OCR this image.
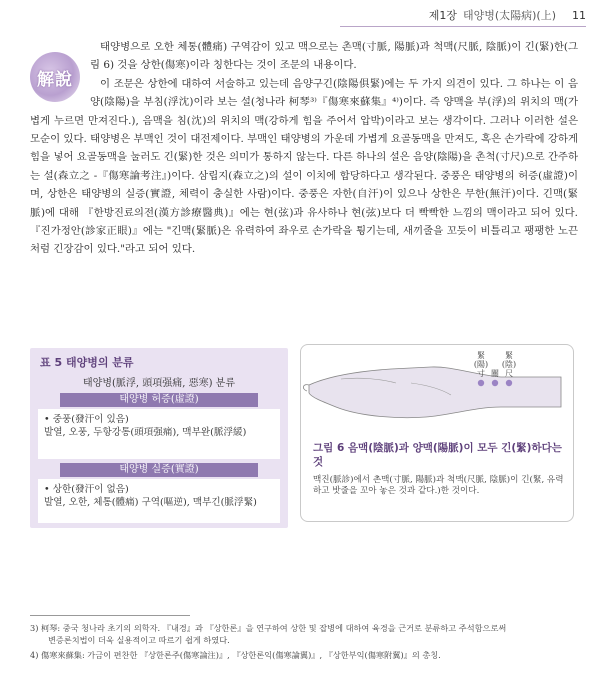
제1장 태양병(太陽病)(上) 11
解說

태양병으로 오한 체통(體痛) 구역감이 있고 맥으로는 촌맥(寸脈, 陽脈)과 척맥(尺脈, 陰脈)이 긴(緊)한(그림 6) 것을 상한(傷寒)이라 칭한다는 것이 조문의 내용이다.

이 조문은 상한에 대하여 서술하고 있는데 음양구긴(陰陽俱緊)에는 두 가지 의견이 있다. 그 하나는 이 음양(陰陽)을 부침(浮沈)이라 보는 설(청나라 柯琴³⁾『傷寒來蘇集』⁴⁾)이다. 즉 양맥을 부(浮)의 위치의 맥(가볍게 누르면 만져진다.), 음맥을 침(沈)의 위치의 맥(강하게 힘을 주어서 압박)이라고 보는 생각이다. 그러나 이러한 설은 모순이 있다. 태양병은 부맥인 것이 대전제이다. 부맥인 태양병의 가운데 가볍게 요골동맥을 만져도, 혹은 손가락에 강하게 힘을 넣어 요골동맥을 눌러도 긴(緊)한 것은 의미가 통하지 않는다. 다른 하나의 설은 음양(陰陽)을 촌척(寸尺)으로 간주하는 설(森立之 -『傷寒論考注』)이다. 삼립지(森立之)의 설이 이치에 합당하다고 생각된다. 중풍은 태양병의 허증(虛證)이며, 상한은 태양병의 실증(實證, 체력이 충실한 사람)이다. 중풍은 자한(自汗)이 있으나 상한은 무한(無汗)이다. 긴맥(緊脈)에 대해 『한방진료의전(漢方診療醫典)』에는 현(弦)과 유사하나 현(弦)보다 더 빡빡한 느낌의 맥이라고 되어 있다. 『진가정안(診家正眼)』에는 "긴맥(緊脈)은 유력하여 좌우로 손가락을 튕기는데, 새끼줄을 꼬듯이 비틀리고 팽팽한 노끈처럼 긴장감이 있다."라고 되어 있다.

표 5 태양병의 분류
태양병(脈浮, 頭項强痛, 惡寒) 분류
태양병 허증(虛證)
• 중풍(發汗이 있음)
발열, 오풍, 두항강통(頭項强痛), 맥부완(脈浮緩)
태양병 실증(實證)
• 상한(發汗이 없음)
발열, 오한, 체통(體痛) 구역(嘔逆), 맥부긴(脈浮緊)
緊
(陽)
寸

關
緊
(陰)
尺
그림 6 음맥(陰脈)과 양맥(陽脈)이 모두 긴(緊)하다는 것
맥진(脈診)에서 촌맥(寸脈, 陽脈)과 척맥(尺脈, 陰脈)이 긴(緊, 유력하고 밧줄을 꼬아 놓은 것과 같다.)한 것이다.

3) 柯琴: 중국 청나라 초기의 의학자. 『내경』과 『상한론』을 연구하여 상한 및 잡병에 대하여 육경을 근거로 분류하고 주석함으로써
변증론치법이 더욱 실용적이고 따르기 쉽게 하였다.

4) 傷寒來蘇集: 가금이 편찬한 『상한론주(傷寒論注)』, 『상한론익(傷寒論翼)』, 『상한부익(傷寒附翼)』의 총칭.
